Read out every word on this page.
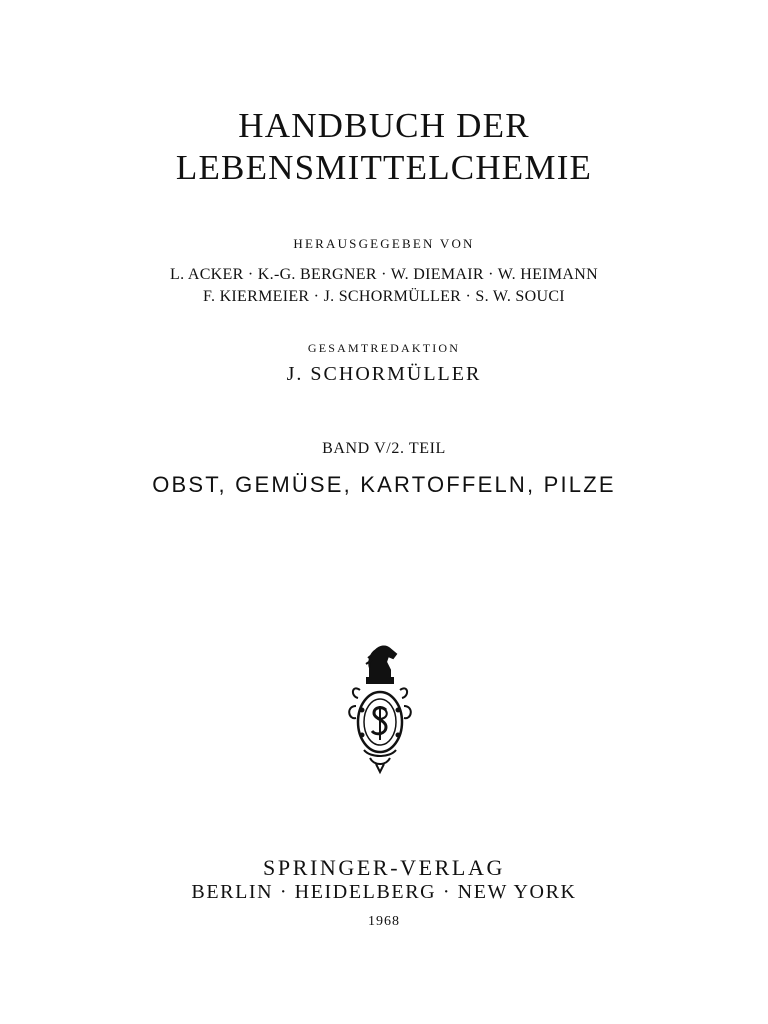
HANDBUCH DER
LEBENSMITTELCHEMIE
HERAUSGEGEBEN VON
L. ACKER · K.-G. BERGNER · W. DIEMAIR · W. HEIMANN
F. KIERMEIER · J. SCHORMÜLLER · S. W. SOUCI
GESAMTREDAKTION
J. SCHORMÜLLER
BAND V/2. TEIL
OBST, GEMÜSE, KARTOFFELN, PILZE
SPRINGER-VERLAG
BERLIN · HEIDELBERG · NEW YORK
1968
